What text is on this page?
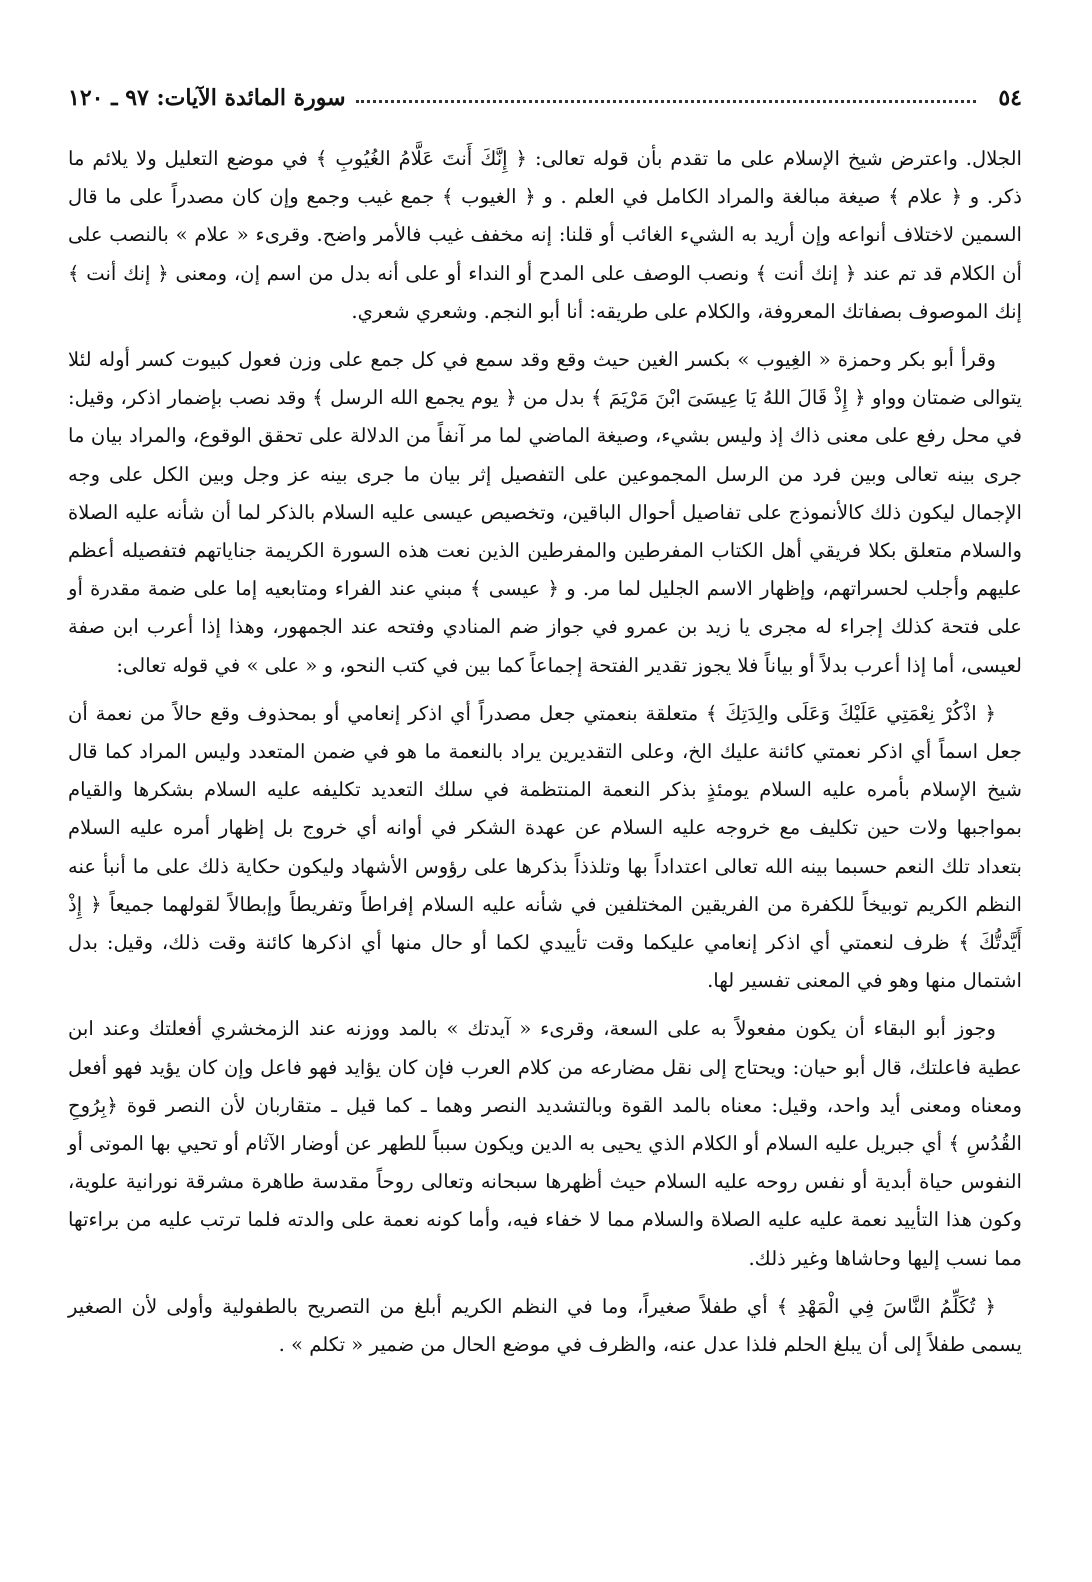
٥٤
سورة المائدة الآيات: ٩٧ ـ ١٢٠

الجلال. واعترض شيخ الإسلام على ما تقدم بأن قوله تعالى: ﴿ إِنَّكَ أَنتَ عَلَّامُ الغُيُوبِ ﴾ في موضع التعليل ولا يلائم ما ذكر. و ﴿ علام ﴾ صيغة مبالغة والمراد الكامل في العلم . و ﴿ الغيوب ﴾ جمع غيب وجمع وإن كان مصدراً على ما قال السمين لاختلاف أنواعه وإن أريد به الشيء الغائب أو قلنا: إنه مخفف غيب فالأمر واضح. وقرىء « علام » بالنصب على أن الكلام قد تم عند ﴿ إنك أنت ﴾ ونصب الوصف على المدح أو النداء أو على أنه بدل من اسم إن، ومعنى ﴿ إنك أنت ﴾ إنك الموصوف بصفاتك المعروفة، والكلام على طريقه: أنا أبو النجم. وشعري شعري.

وقرأ أبو بكر وحمزة « الغِيوب » بكسر الغين حيث وقع وقد سمع في كل جمع على وزن فعول كبيوت كسر أوله لئلا يتوالى ضمتان وواو ﴿ إِذْ قَالَ اللهُ يَا عِيسَىَ ابْنَ مَرْيَمَ ﴾ بدل من ﴿ يوم يجمع الله الرسل ﴾ وقد نصب بإضمار اذكر، وقيل: في محل رفع على معنى ذاك إذ وليس بشيء، وصيغة الماضي لما مر آنفاً من الدلالة على تحقق الوقوع، والمراد بيان ما جرى بينه تعالى وبين فرد من الرسل المجموعين على التفصيل إثر بيان ما جرى بينه عز وجل وبين الكل على وجه الإجمال ليكون ذلك كالأنموذج على تفاصيل أحوال الباقين، وتخصيص عيسى عليه السلام بالذكر لما أن شأنه عليه الصلاة والسلام متعلق بكلا فريقي أهل الكتاب المفرطين والمفرطين الذين نعت هذه السورة الكريمة جناياتهم فتفصيله أعظم عليهم وأجلب لحسراتهم، وإظهار الاسم الجليل لما مر. و ﴿ عيسى ﴾ مبني عند الفراء ومتابعيه إما على ضمة مقدرة أو على فتحة كذلك إجراء له مجرى يا زيد بن عمرو في جواز ضم المنادي وفتحه عند الجمهور، وهذا إذا أعرب ابن صفة لعيسى، أما إذا أعرب بدلاً أو بياناً فلا يجوز تقدير الفتحة إجماعاً كما بين في كتب النحو، و « على » في قوله تعالى:

﴿ اذْكُرْ نِعْمَتِي عَلَيْكَ وَعَلَى والِدَتِكَ ﴾ متعلقة بنعمتي جعل مصدراً أي اذكر إنعامي أو بمحذوف وقع حالاً من نعمة أن جعل اسماً أي اذكر نعمتي كائنة عليك الخ، وعلى التقديرين يراد بالنعمة ما هو في ضمن المتعدد وليس المراد كما قال شيخ الإسلام بأمره عليه السلام يومئذٍ بذكر النعمة المنتظمة في سلك التعديد تكليفه عليه السلام بشكرها والقيام بمواجبها ولات حين تكليف مع خروجه عليه السلام عن عهدة الشكر في أوانه أي خروج بل إظهار أمره عليه السلام بتعداد تلك النعم حسبما بينه الله تعالى اعتداداً بها وتلذذاً بذكرها على رؤوس الأشهاد وليكون حكاية ذلك على ما أنبأ عنه النظم الكريم توبيخاً للكفرة من الفريقين المختلفين في شأنه عليه السلام إفراطاً وتفريطاً وإبطالاً لقولهما جميعاً ﴿ إِذْ أَيَّدتُّكَ ﴾ ظرف لنعمتي أي اذكر إنعامي عليكما وقت تأييدي لكما أو حال منها أي اذكرها كائنة وقت ذلك، وقيل: بدل اشتمال منها وهو في المعنى تفسير لها.

وجوز أبو البقاء أن يكون مفعولاً به على السعة، وقرىء « آيدتك » بالمد ووزنه عند الزمخشري أفعلتك وعند ابن عطية فاعلتك، قال أبو حيان: ويحتاج إلى نقل مضارعه من كلام العرب فإن كان يؤايد فهو فاعل وإن كان يؤيد فهو أفعل ومعناه ومعنى أيد واحد، وقيل: معناه بالمد القوة وبالتشديد النصر وهما ـ كما قيل ـ متقاربان لأن النصر قوة ﴿بِرُوحِ القُدُسِ ﴾ أي جبريل عليه السلام أو الكلام الذي يحيى به الدين ويكون سبباً للطهر عن أوضار الآثام أو تحيي بها الموتى أو النفوس حياة أبدية أو نفس روحه عليه السلام حيث أظهرها سبحانه وتعالى روحاً مقدسة طاهرة مشرقة نورانية علوية، وكون هذا التأييد نعمة عليه عليه الصلاة والسلام مما لا خفاء فيه، وأما كونه نعمة على والدته فلما ترتب عليه من براءتها مما نسب إليها وحاشاها وغير ذلك.

﴿ تُكَلِّمُ النَّاسَ فِي الْمَهْدِ ﴾ أي طفلاً صغيراً، وما في النظم الكريم أبلغ من التصريح بالطفولية وأولى لأن الصغير يسمى طفلاً إلى أن يبلغ الحلم فلذا عدل عنه، والظرف في موضع الحال من ضمير « تكلم » .
